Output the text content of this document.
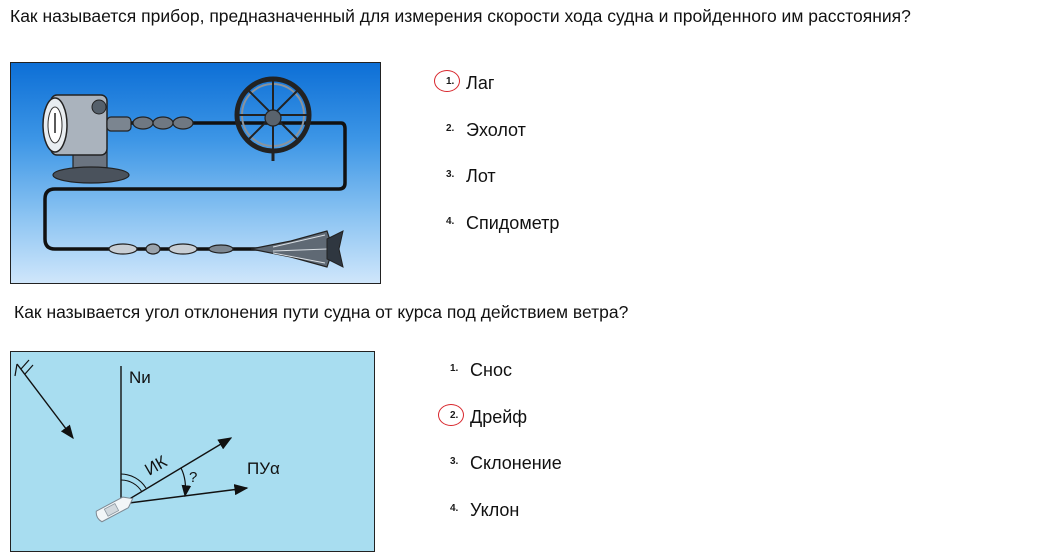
Как называется прибор, предназначенный для измерения скорости хода судна и пройденного им расстояния?

1. Лаг
2. Эхолот
3. Лот
4. Спидометр

Как называется угол отклонения пути судна от курса под действием ветра?

Nи
ИК ?	ПУα
1. Снос
2. Дрейф
3. Склонение
4. Уклон
